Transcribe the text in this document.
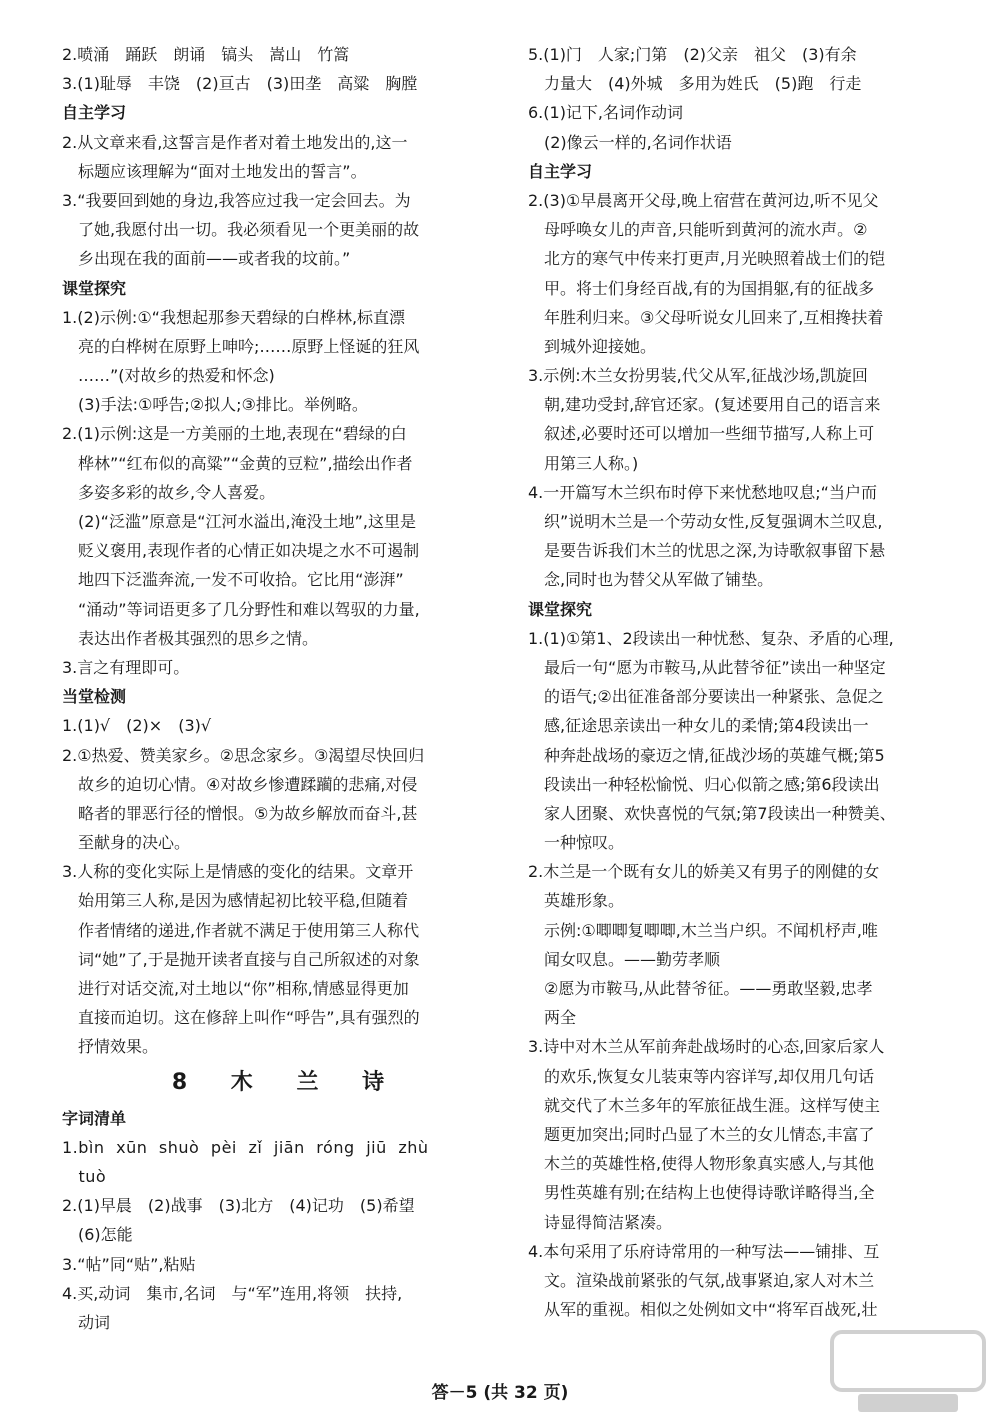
2.喷涌　踊跃　朗诵　镐头　嵩山　竹篙
3.(1)耻辱　丰饶　(2)亘古　(3)田垄　高粱　胸膛
自主学习
2.从文章来看,这誓言是作者对着土地发出的,这一
　标题应该理解为“面对土地发出的誓言”。
3.“我要回到她的身边,我答应过我一定会回去。为
　了她,我愿付出一切。我必须看见一个更美丽的故
　乡出现在我的面前——或者我的坟前。”
课堂探究
1.(2)示例:①“我想起那参天碧绿的白桦林,标直漂
　亮的白桦树在原野上呻吟;……原野上怪诞的狂风
　……”(对故乡的热爱和怀念)
　(3)手法:①呼告;②拟人;③排比。举例略。
2.(1)示例:这是一方美丽的土地,表现在“碧绿的白
　桦林”“红布似的高粱”“金黄的豆粒”,描绘出作者
　多姿多彩的故乡,令人喜爱。
　(2)“泛滥”原意是“江河水溢出,淹没土地”,这里是
　贬义褒用,表现作者的心情正如决堤之水不可遏制
　地四下泛滥奔流,一发不可收拾。它比用“澎湃”
　“涌动”等词语更多了几分野性和难以驾驭的力量,
　表达出作者极其强烈的思乡之情。
3.言之有理即可。
当堂检测
1.(1)√　(2)×　(3)√
2.①热爱、赞美家乡。②思念家乡。③渴望尽快回归
　故乡的迫切心情。④对故乡惨遭蹂躏的悲痛,对侵
　略者的罪恶行径的憎恨。⑤为故乡解放而奋斗,甚
　至献身的决心。
3.人称的变化实际上是情感的变化的结果。文章开
　始用第三人称,是因为感情起初比较平稳,但随着
　作者情绪的递进,作者就不满足于使用第三人称代
　词“她”了,于是抛开读者直接与自己所叙述的对象
　进行对话交流,对土地以“你”相称,情感显得更加
　直接而迫切。这在修辞上叫作“呼告”,具有强烈的
　抒情效果。
8 木 兰 诗
字词清单
1.bìn xūn shuò pèi zǐ jiān róng jiū zhù
　tuò
2.(1)早晨　(2)战事　(3)北方　(4)记功　(5)希望
　(6)怎能
3.“帖”同“贴”,粘贴
4.买,动词　集市,名词　与“军”连用,将领　扶持,
　动词
5.(1)门　人家;门第　(2)父亲　祖父　(3)有余
　力量大　(4)外城　多用为姓氏　(5)跑　行走
6.(1)记下,名词作动词
　(2)像云一样的,名词作状语
自主学习
2.(3)①早晨离开父母,晚上宿营在黄河边,听不见父
　母呼唤女儿的声音,只能听到黄河的流水声。②
　北方的寒气中传来打更声,月光映照着战士们的铠
　甲。将士们身经百战,有的为国捐躯,有的征战多
　年胜利归来。③父母听说女儿回来了,互相搀扶着
　到城外迎接她。
3.示例:木兰女扮男装,代父从军,征战沙场,凯旋回
　朝,建功受封,辞官还家。(复述要用自己的语言来
　叙述,必要时还可以增加一些细节描写,人称上可
　用第三人称。)
4.一开篇写木兰织布时停下来忧愁地叹息;“当户而
　织”说明木兰是一个劳动女性,反复强调木兰叹息,
　是要告诉我们木兰的忧思之深,为诗歌叙事留下悬
　念,同时也为替父从军做了铺垫。
课堂探究
1.(1)①第1、2段读出一种忧愁、复杂、矛盾的心理,
　最后一句“愿为市鞍马,从此替爷征”读出一种坚定
　的语气;②出征准备部分要读出一种紧张、急促之
　感,征途思亲读出一种女儿的柔情;第4段读出一
　种奔赴战场的豪迈之情,征战沙场的英雄气概;第5
　段读出一种轻松愉悦、归心似箭之感;第6段读出
　家人团聚、欢快喜悦的气氛;第7段读出一种赞美、
　一种惊叹。
2.木兰是一个既有女儿的娇美又有男子的刚健的女
　英雄形象。
　示例:①唧唧复唧唧,木兰当户织。不闻机杼声,唯
　闻女叹息。——勤劳孝顺
　②愿为市鞍马,从此替爷征。——勇敢坚毅,忠孝
　两全
3.诗中对木兰从军前奔赴战场时的心态,回家后家人
　的欢乐,恢复女儿装束等内容详写,却仅用几句话
　就交代了木兰多年的军旅征战生涯。这样写使主
　题更加突出;同时凸显了木兰的女儿情态,丰富了
　木兰的英雄性格,使得人物形象真实感人,与其他
　男性英雄有别;在结构上也使得诗歌详略得当,全
　诗显得简洁紧凑。
4.本句采用了乐府诗常用的一种写法——铺排、互
　文。渲染战前紧张的气氛,战事紧迫,家人对木兰
　从军的重视。相似之处例如文中“将军百战死,壮
答－5 (共 32 页)
